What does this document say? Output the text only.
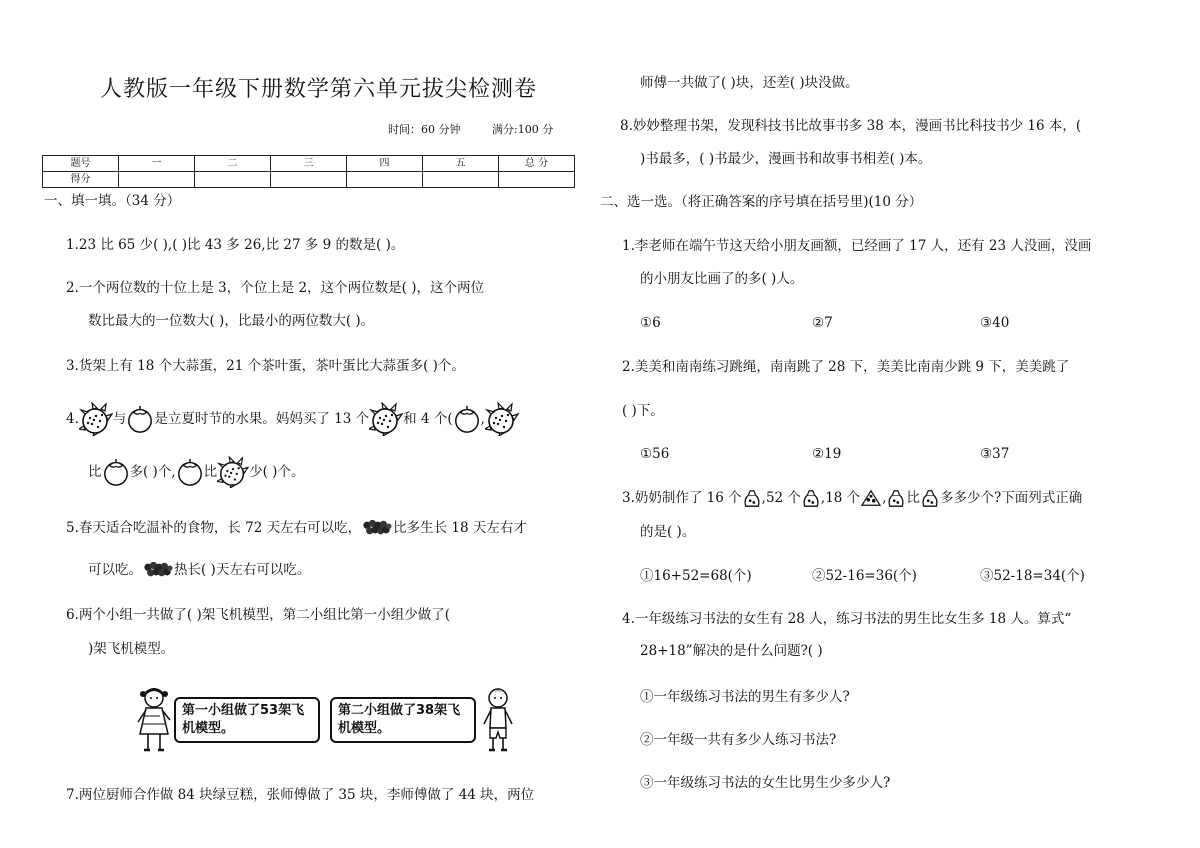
人教版一年级下册数学第六单元拔尖检测卷
时间：60 分钟	满分:100 分
题号	一	二	三	四	五	总 分
得分						
一、填一填。（34 分）
1.23 比 65 少( ),( )比 43 多 26,比 27 多 9 的数是( )。
2.一个两位数的十位上是 3，个位上是 2，这个两位数是( )，这个两位
数比最大的一位数大( )，比最小的两位数大( )。
3.货架上有 18 个大蒜蛋，21 个茶叶蛋，茶叶蛋比大蒜蛋多( )个。
4.	与 是立夏时节的水果。妈妈买了 13 个	和 4 个( ,
比 多( )个, 比 少( )个。
5.春天适合吃温补的食物，长 72 天左右可以吃， 比多生长 18 天左右才
可以吃。 热长( )天左右可以吃。
6.两个小组一共做了( )架飞机模型，第二小组比第一小组少做了(
)架飞机模型。
第一小组做了53架飞机模型。
第二小组做了38架飞机模型。
7.两位厨师合作做 84 块绿豆糕，张师傅做了 35 块，李师傅做了 44 块，两位
师傅一共做了( )块，还差( )块没做。
8.妙妙整理书架，发现科技书比故事书多 38 本，漫画书比科技书少 16 本，(
)书最多，( )书最少，漫画书和故事书相差( )本。
二、选一选。（将正确答案的序号填在括号里)(10 分）
1.李老师在端午节这天给小朋友画额，已经画了 17 人，还有 23 人没画，没画
的小朋友比画了的多( )人。
①6	②7	③40
2.美美和南南练习跳绳，南南跳了 28 下，美美比南南少跳 9 下，美美跳了
( )下。
①56	②19	③37
3.奶奶制作了 16 个 ,52 个 ,18 个 , 比 多多少个?下面列式正确
的是( )。
①16+52=68(个)	②52-16=36(个)	③52-18=34(个)
4.一年级练习书法的女生有 28 人，练习书法的男生比女生多 18 人。算式“
28+18”解决的是什么问题?( )
①一年级练习书法的男生有多少人?
②一年级一共有多少人练习书法?
③一年级练习书法的女生比男生少多少人?
